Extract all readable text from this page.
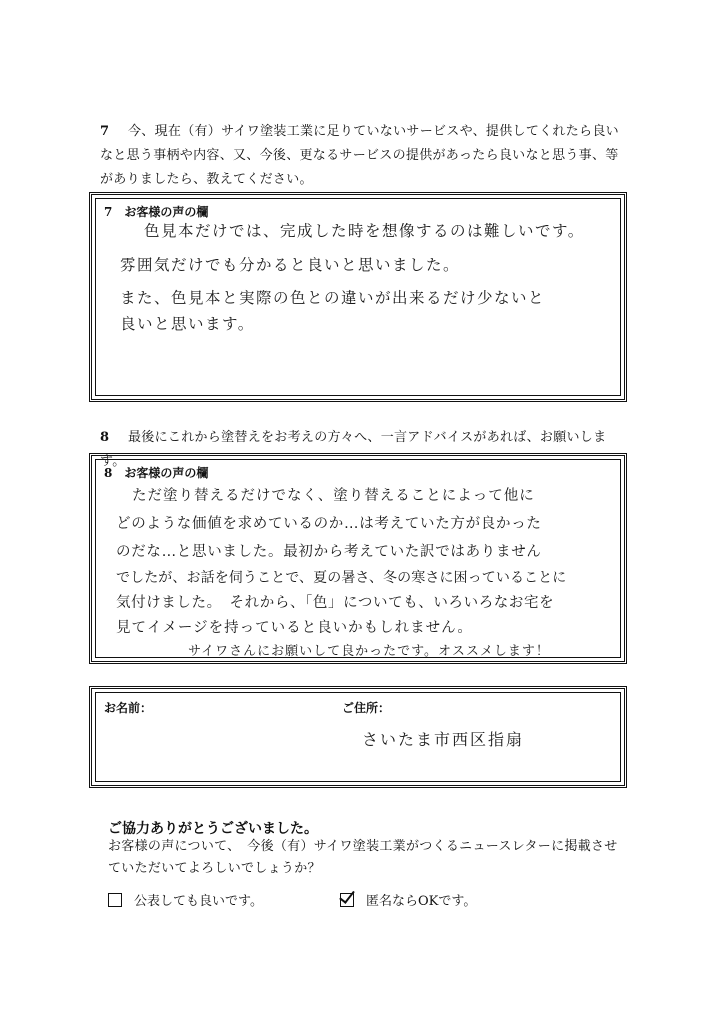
7 今、現在（有）サイワ塗装工業に足りていないサービスや、提供してくれたら良い
なと思う事柄や内容、又、今後、更なるサービスの提供があったら良いなと思う事、等
がありましたら、教えてください。
7　お客様の声の欄
色見本だけでは、完成した時を想像するのは難しいです。
雰囲気だけでも分かると良いと思いました。
また、色見本と実際の色との違いが出来るだけ少ないと
良いと思います。
8 最後にこれから塗替えをお考えの方々へ、一言アドバイスがあれば、お願いします。
8　お客様の声の欄
ただ塗り替えるだけでなく、塗り替えることによって他に
どのような価値を求めているのか…は考えていた方が良かった
のだな…と思いました。最初から考えていた訳ではありません
でしたが、お話を伺うことで、夏の暑さ、冬の寒さに困っていることに
気付けました。　それから、「色」についても、いろいろなお宅を
見てイメージを持っていると良いかもしれません。
サイワさんにお願いして良かったです。オススメします！
お名前：	ご住所：
さいたま市西区指扇
ご協力ありがとうございました。
お客様の声について、　今後（有）サイワ塗装工業がつくるニュースレターに掲載させ
ていただいてよろしいでしょうか？
公表しても良いです。	匿名ならOKです。
